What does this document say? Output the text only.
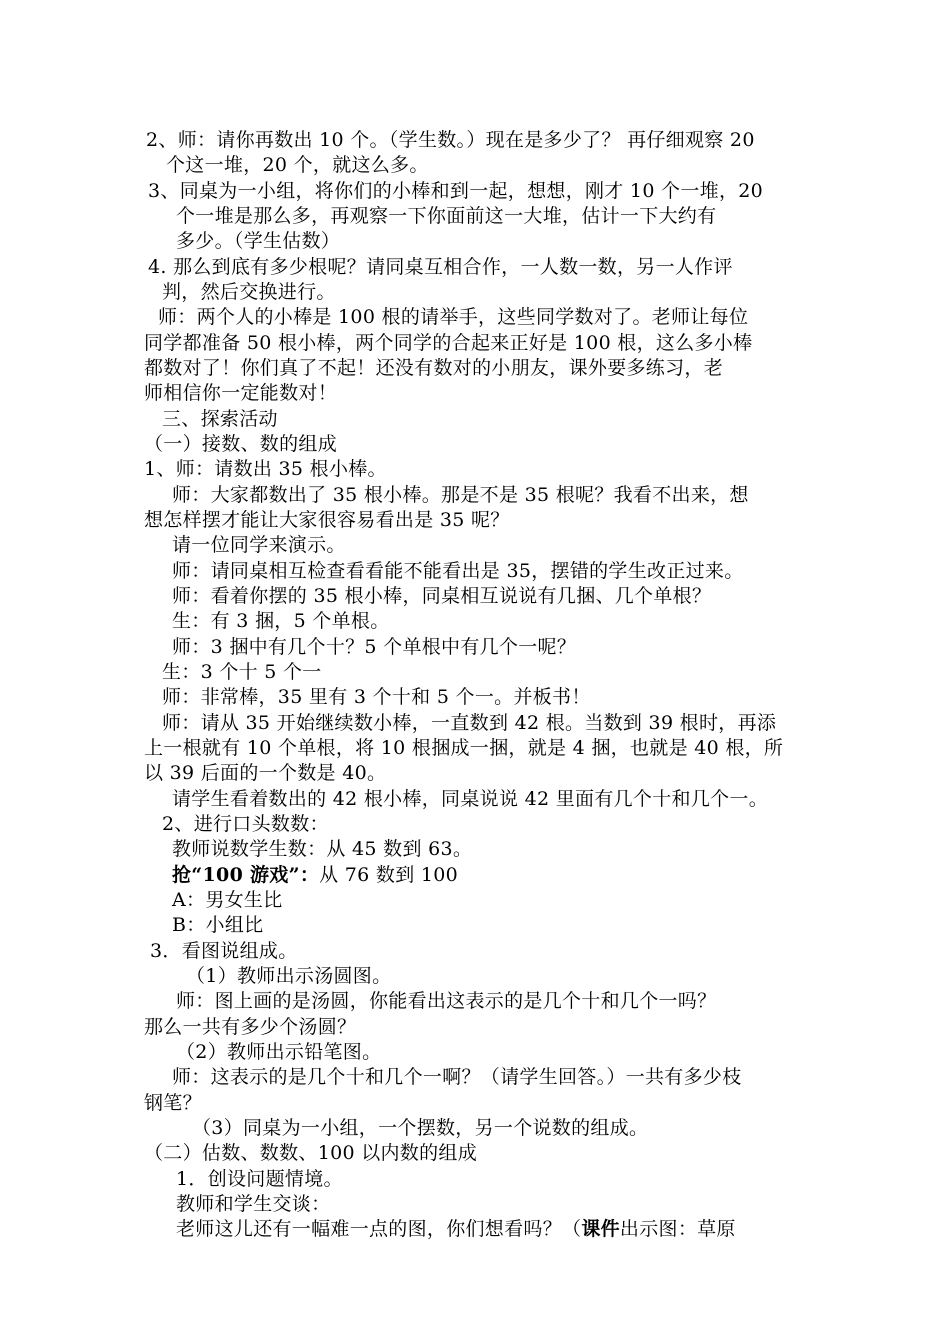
2、师：请你再数出 10 个。（学生数。）现在是多少了？ 再仔细观察 20
个这一堆，20 个，就这么多。
3、同桌为一小组，将你们的小棒和到一起，想想，刚才 10 个一堆，20
个一堆是那么多，再观察一下你面前这一大堆，估计一下大约有
多少。（学生估数）
4. 那么到底有多少根呢？请同桌互相合作，一人数一数，另一人作评
判，然后交换进行。
师：两个人的小棒是 100 根的请举手，这些同学数对了。老师让每位
同学都准备 50 根小棒，两个同学的合起来正好是 100 根，这么多小棒
都数对了！你们真了不起！还没有数对的小朋友，课外要多练习，老
师相信你一定能数对！
三、探索活动
（一）接数、数的组成
1、师：请数出 35 根小棒。
师：大家都数出了 35 根小棒。那是不是 35 根呢？我看不出来，想
想怎样摆才能让大家很容易看出是 35 呢？
请一位同学来演示。
师：请同桌相互检查看看能不能看出是 35，摆错的学生改正过来。
师：看着你摆的 35 根小棒，同桌相互说说有几捆、几个单根？
生：有 3 捆，5 个单根。
师：3 捆中有几个十？5 个单根中有几个一呢？
生：3 个十 5 个一
师：非常棒，35 里有 3 个十和 5 个一。并板书！
师：请从 35 开始继续数小棒，一直数到 42 根。当数到 39 根时，再添
上一根就有 10 个单根，将 10 根捆成一捆，就是 4 捆，也就是 40 根，所
以 39 后面的一个数是 40。
请学生看着数出的 42 根小棒，同桌说说 42 里面有几个十和几个一。
2、进行口头数数：
教师说数学生数：从 45 数到 63。
抢“100 游戏”：从 76 数到 100
A：男女生比
B：小组比
3．看图说组成。
（1）教师出示汤圆图。
师：图上画的是汤圆，你能看出这表示的是几个十和几个一吗？
那么一共有多少个汤圆？
（2）教师出示铅笔图。
师：这表示的是几个十和几个一啊？（请学生回答。）一共有多少枝
钢笔？
（3）同桌为一小组，一个摆数，另一个说数的组成。
（二）估数、数数、100 以内数的组成
1．创设问题情境。
教师和学生交谈：
老师这儿还有一幅难一点的图，你们想看吗？（课件出示图：草原
